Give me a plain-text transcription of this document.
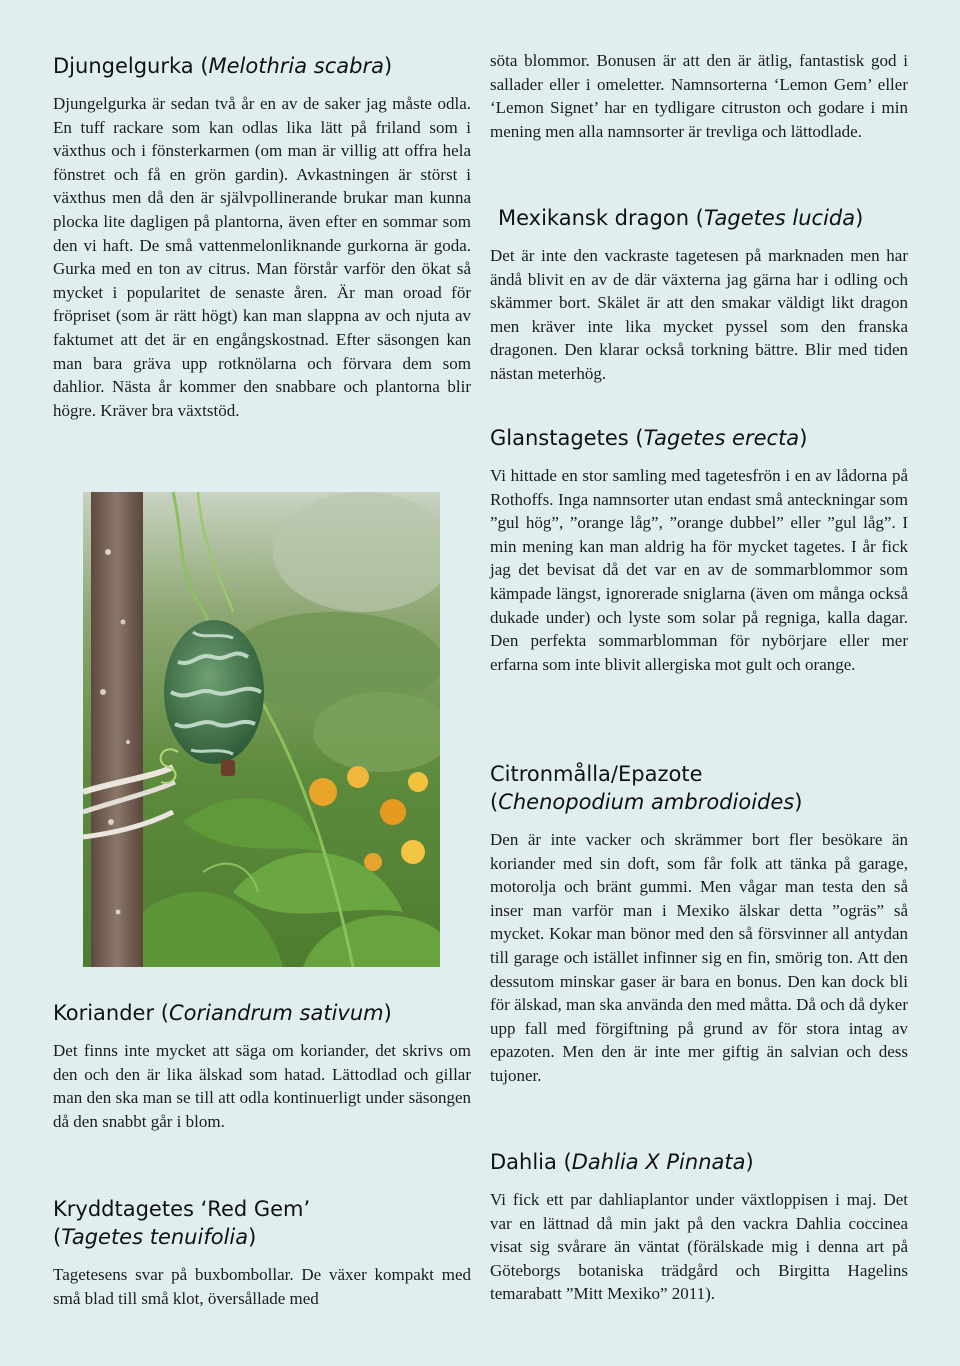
Djungelgurka (Melothria scabra)

Djungelgurka är sedan två år en av de saker jag måste odla. En tuff rackare som kan odlas lika lätt på friland som i växthus och i fönsterkarmen (om man är villig att offra hela fönstret och få en grön gardin). Avkastningen är störst i växthus men då den är självpollinerande brukar man kunna plocka lite dagligen på plantorna, även efter en sommar som den vi haft. De små vattenmelonliknande gurkorna är goda. Gurka med en ton av citrus. Man förstår varför den ökat så mycket i popularitet de senaste åren. Är man oroad för fröpriset (som är rätt högt) kan man slappna av och njuta av faktumet att det är en engångskostnad. Efter säsongen kan man bara gräva upp rotknölarna och förvara dem som dahlior. Nästa år kommer den snabbare och plantorna blir högre. Kräver bra växtstöd.

Koriander (Coriandrum sativum)

Det finns inte mycket att säga om koriander, det skrivs om den och den är lika älskad som hatad. Lättodlad och gillar man den ska man se till att odla kontinuerligt under säsongen då den snabbt går i blom.

Kryddtagetes ‘Red Gem’
(Tagetes tenuifolia)

Tagetesens svar på buxbombollar. De växer kompakt med små blad till små klot, översållade med

söta blommor. Bonusen är att den är ätlig, fantastisk god i sallader eller i omeletter. Namnsorterna ‘Lemon Gem’ eller ‘Lemon Signet’ har en tydligare citruston och godare i min mening men alla namnsorter är trevliga och lättodlade.

Mexikansk dragon (Tagetes lucida)

Det är inte den vackraste tagetesen på marknaden men har ändå blivit en av de där växterna jag gärna har i odling och skämmer bort. Skälet är att den smakar väldigt likt dragon men kräver inte lika mycket pyssel som den franska dragonen. Den klarar också torkning bättre. Blir med tiden nästan meterhög.

Glanstagetes (Tagetes erecta)

Vi hittade en stor samling med tagetesfrön i en av lådorna på Rothoffs. Inga namnsorter utan endast små anteckningar som ”gul hög”, ”orange låg”, ”orange dubbel” eller ”gul låg”. I min mening kan man aldrig ha för mycket tagetes. I år fick jag det bevisat då det var en av de sommarblommor som kämpade längst, ignorerade sniglarna (även om många också dukade under) och lyste som solar på regniga, kalla dagar. Den perfekta sommarblomman för nybörjare eller mer erfarna som inte blivit allergiska mot gult och orange.

Citronmålla/Epazote
(Chenopodium ambrodioides)

Den är inte vacker och skrämmer bort fler besökare än koriander med sin doft, som får folk att tänka på garage, motorolja och bränt gummi. Men vågar man testa den så inser man varför man i Mexiko älskar detta ”ogräs” så mycket. Kokar man bönor med den så försvinner all antydan till garage och istället infinner sig en fin, smörig ton. Att den dessutom minskar gaser är bara en bonus. Den kan dock bli för älskad, man ska använda den med måtta. Då och då dyker upp fall med förgiftning på grund av för stora intag av epazoten. Men den är inte mer giftig än salvian och dess tujoner.

Dahlia (Dahlia X Pinnata)

Vi fick ett par dahliaplantor under växtloppisen i maj. Det var en lättnad då min jakt på den vackra Dahlia coccinea visat sig svårare än väntat (förälskade mig i denna art på Göteborgs botaniska trädgård och Birgitta Hagelins temarabatt ”Mitt Mexiko” 2011).
